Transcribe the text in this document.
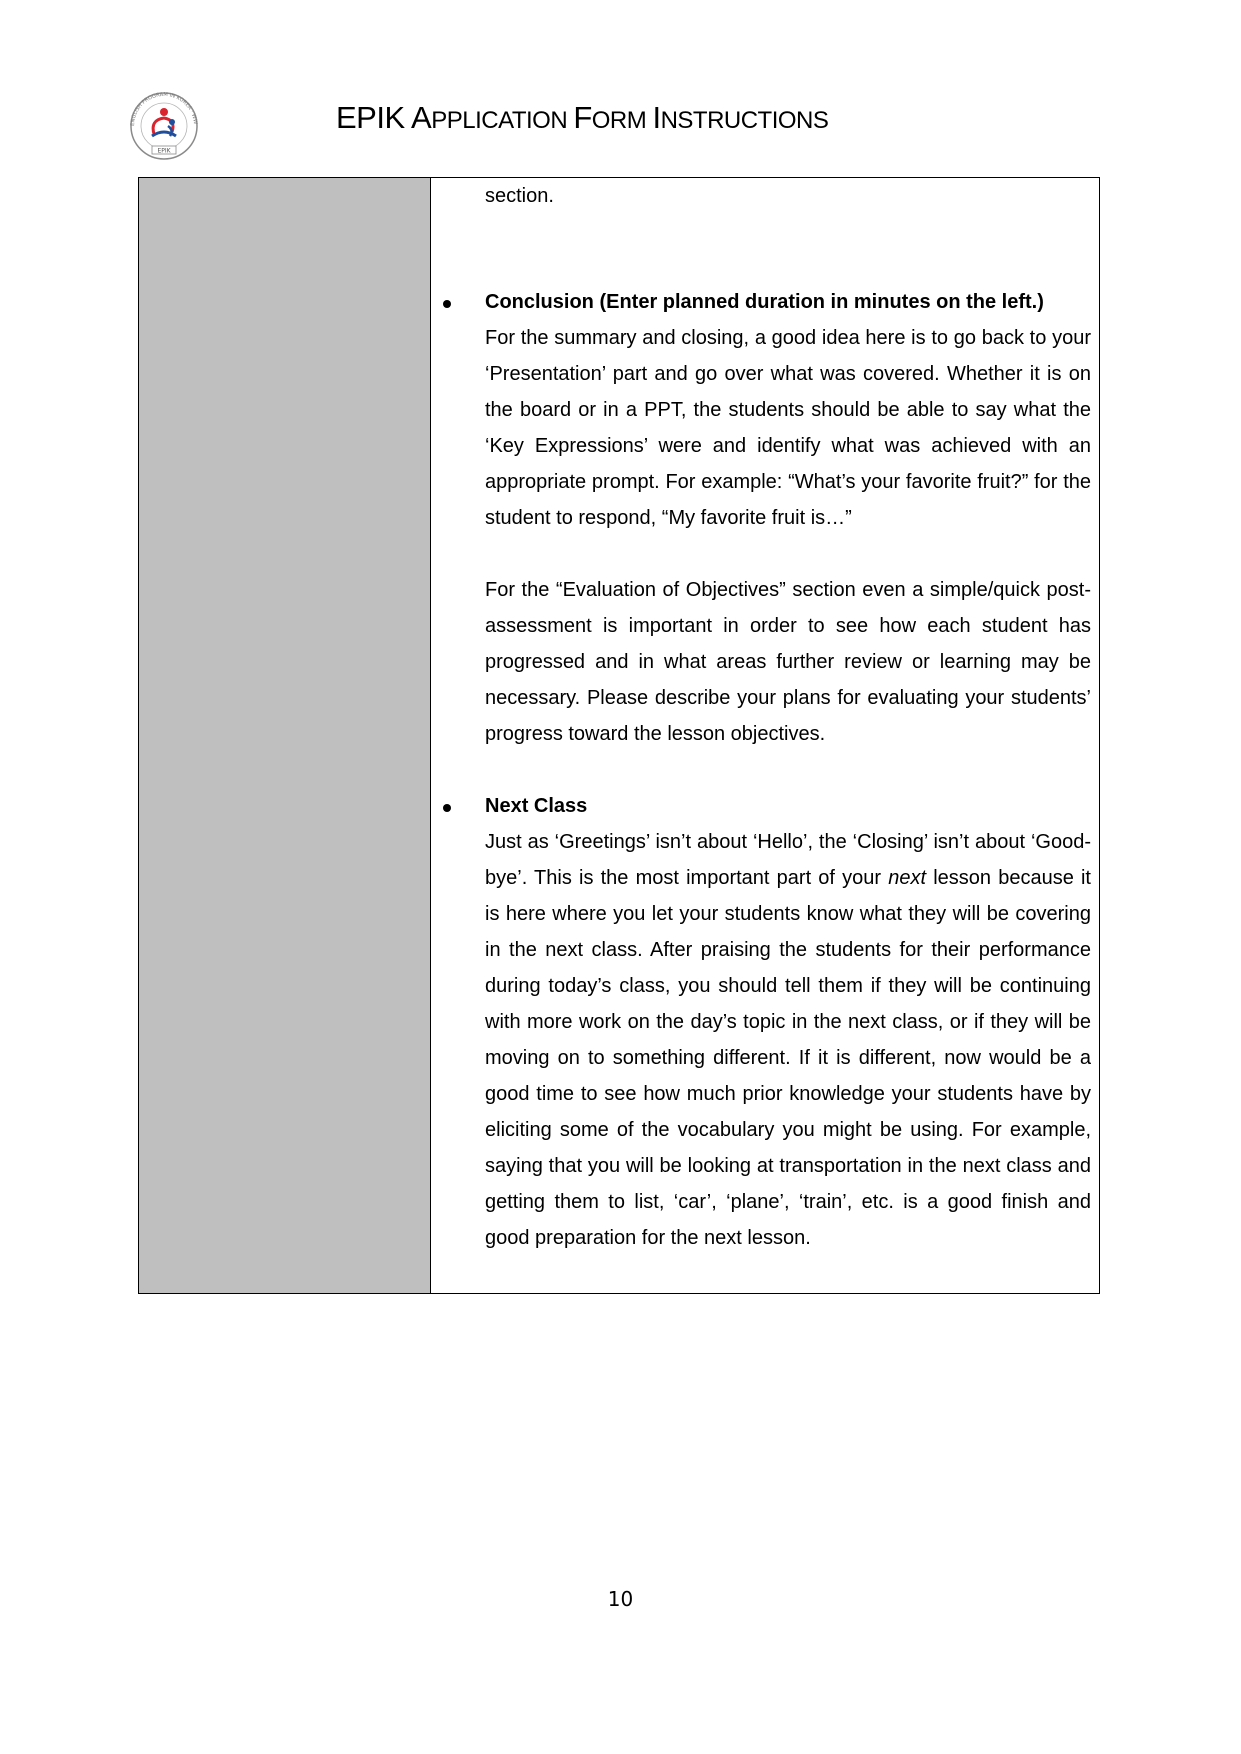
ENGLISH PROGRAM IN KOREA · WW
EPIK
EPIK APPLICATION FORM INSTRUCTIONS

section.

Conclusion (Enter planned duration in minutes on the left.)

For the summary and closing, a good idea here is to go back to your ‘Presentation’ part and go over what was covered. Whether it is on the board or in a PPT, the students should be able to say what the ‘Key Expressions’ were and identify what was achieved with an appropriate prompt. For example: “What’s your favorite fruit?” for the student to respond, “My favorite fruit is…”

For the “Evaluation of Objectives” section even a simple/quick post-assessment is important in order to see how each student has progressed and in what areas further review or learning may be necessary. Please describe your plans for evaluating your students’ progress toward the lesson objectives.

Next Class

Just as ‘Greetings’ isn’t about ‘Hello’, the ‘Closing’ isn’t about ‘Good-bye’. This is the most important part of your next lesson because it is here where you let your students know what they will be covering in the next class. After praising the students for their performance during today’s class, you should tell them if they will be continuing with more work on the day’s topic in the next class, or if they will be moving on to something different. If it is different, now would be a good time to see how much prior knowledge your students have by eliciting some of the vocabulary you might be using. For example, saying that you will be looking at transportation in the next class and getting them to list, ‘car’, ‘plane’, ‘train’, etc. is a good finish and good preparation for the next lesson.

10
